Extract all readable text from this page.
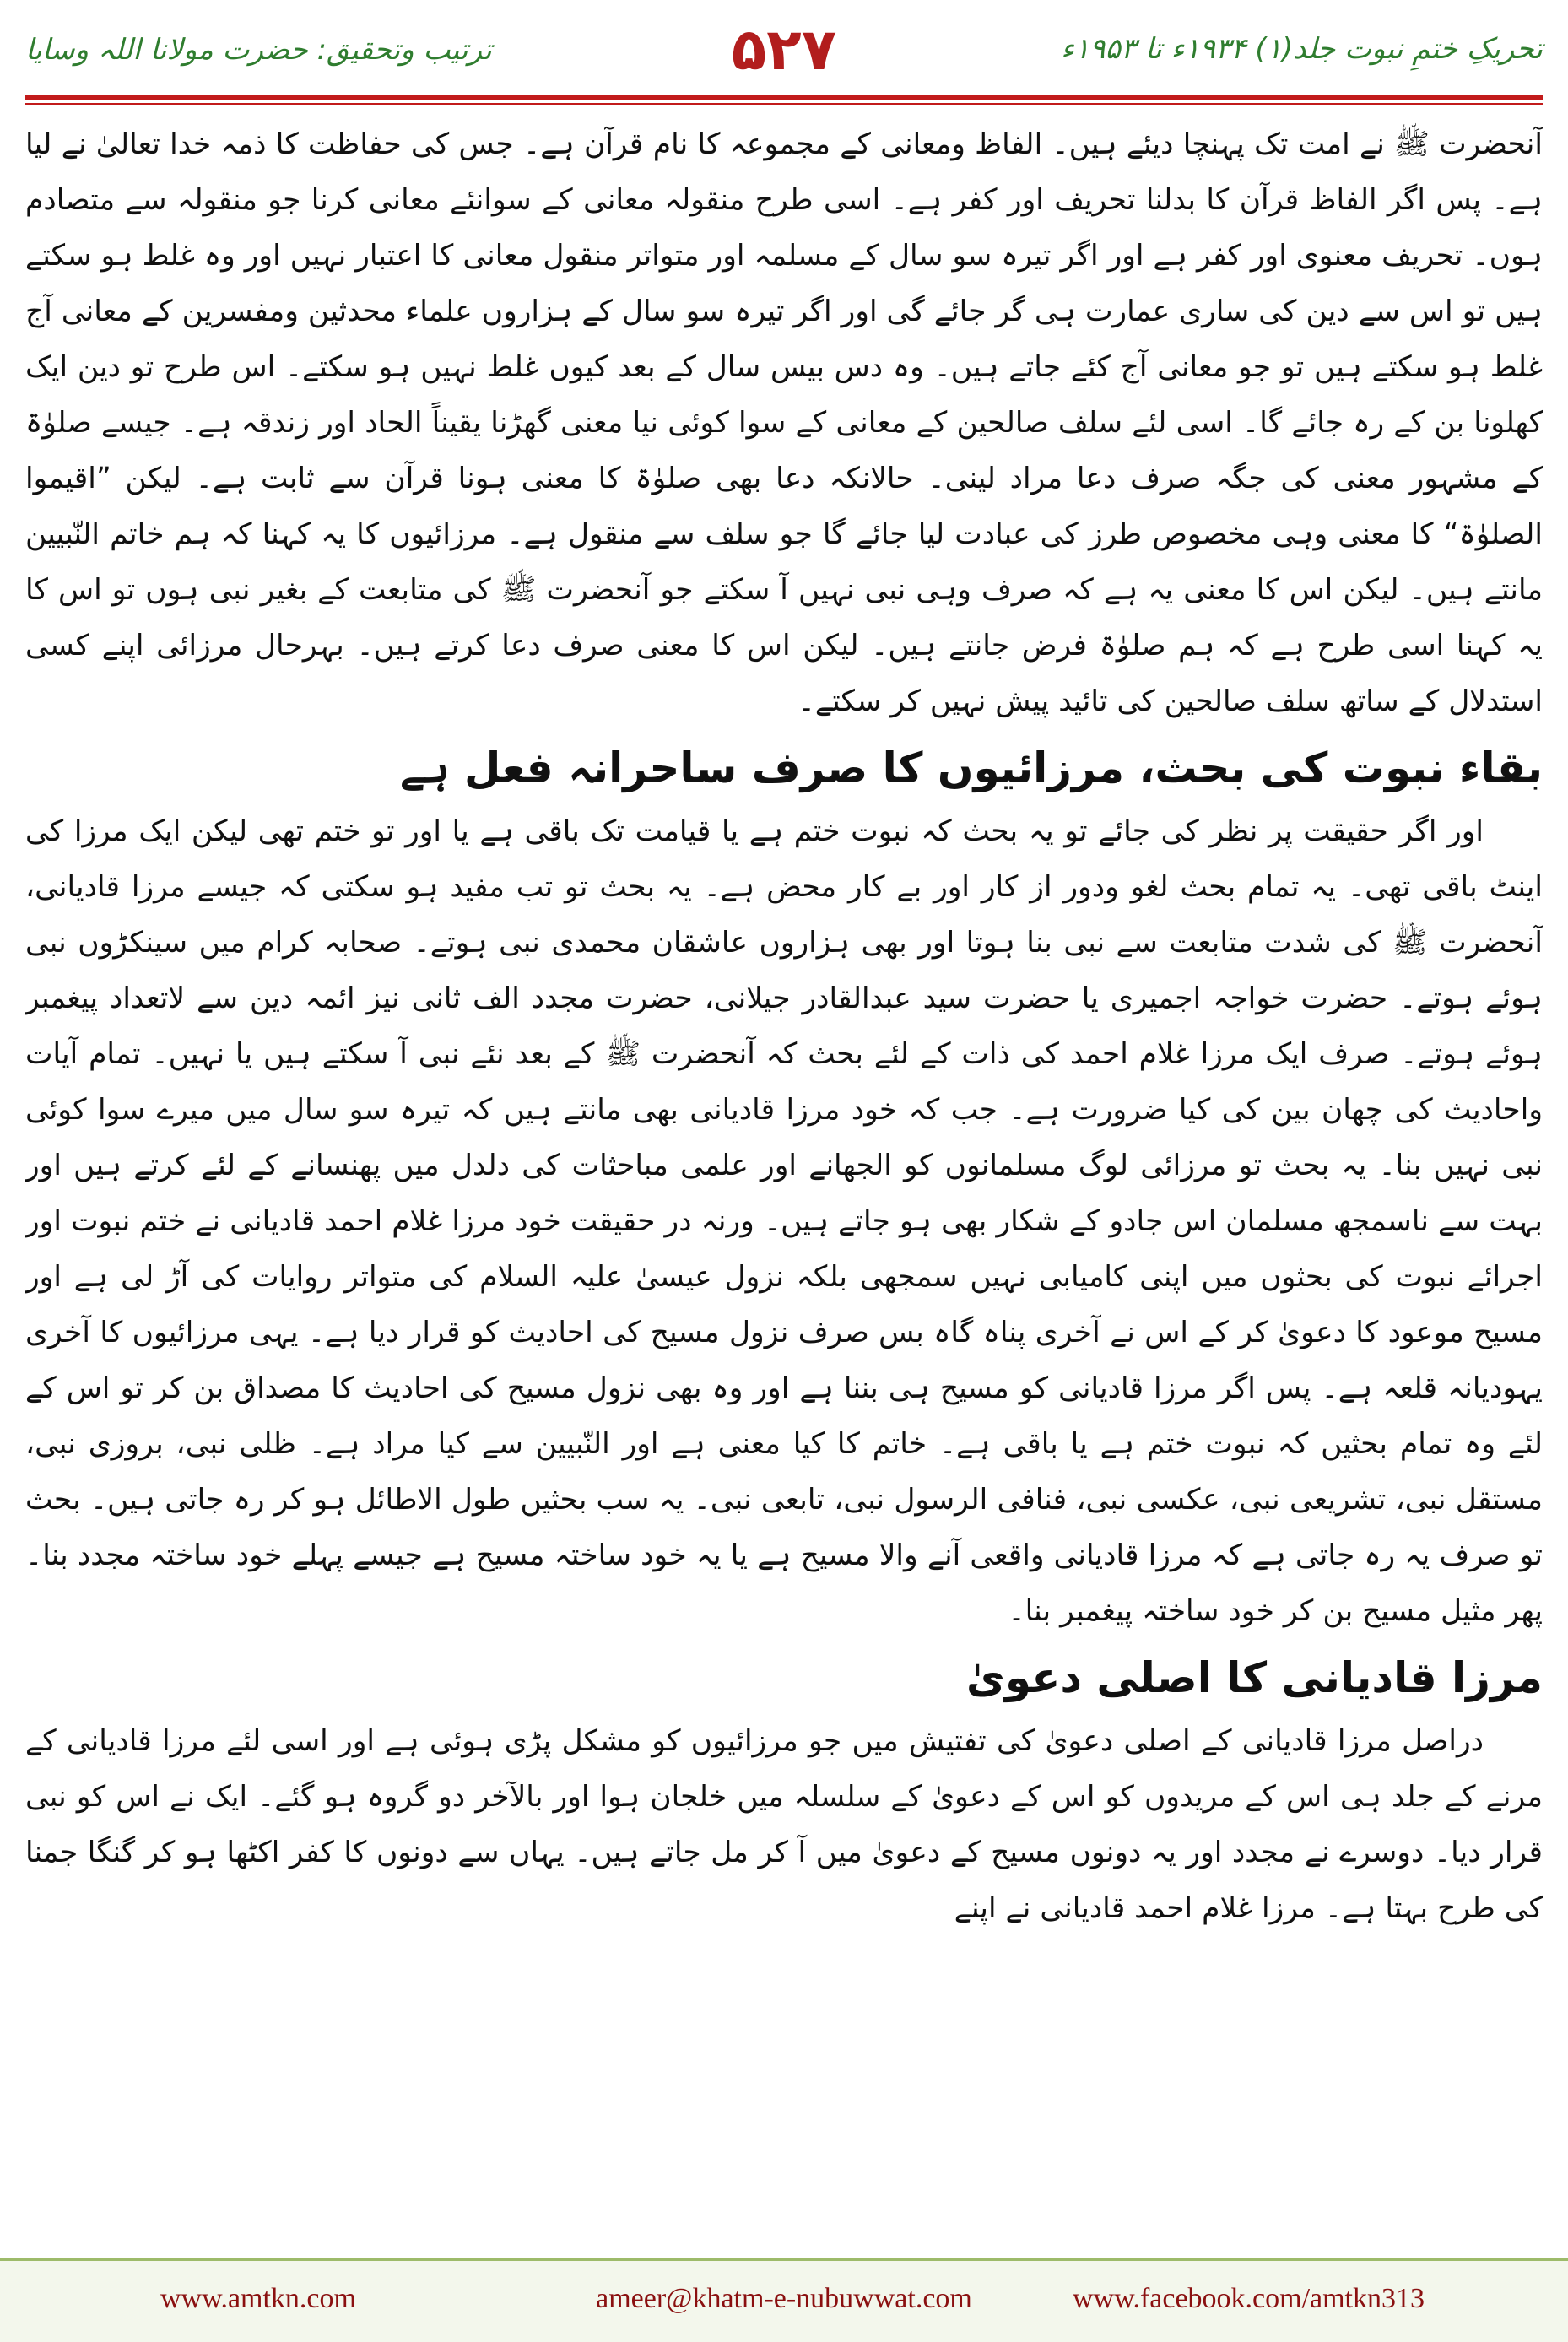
تحریکِ ختمِ نبوت جلد(۱) ۱۹۳۴ء تا ۱۹۵۳ء
۵۲۷
ترتیب وتحقیق: حضرت مولانا اللہ وسایا

آنحضرت ﷺ نے امت تک پہنچا دیئے ہیں۔ الفاظ ومعانی کے مجموعہ کا نام قرآن ہے۔ جس کی حفاظت کا ذمہ خدا تعالیٰ نے لیا ہے۔ پس اگر الفاظ قرآن کا بدلنا تحریف اور کفر ہے۔ اسی طرح منقولہ معانی کے سوانئے معانی کرنا جو منقولہ سے متصادم ہوں۔ تحریف معنوی اور کفر ہے اور اگر تیرہ سو سال کے مسلمہ اور متواتر منقول معانی کا اعتبار نہیں اور وہ غلط ہو سکتے ہیں تو اس سے دین کی ساری عمارت ہی گر جائے گی اور اگر تیرہ سو سال کے ہزاروں علماء محدثین ومفسرین کے معانی آج غلط ہو سکتے ہیں تو جو معانی آج کئے جاتے ہیں۔ وہ دس بیس سال کے بعد کیوں غلط نہیں ہو سکتے۔ اس طرح تو دین ایک کھلونا بن کے رہ جائے گا۔ اسی لئے سلف صالحین کے معانی کے سوا کوئی نیا معنی گھڑنا یقیناً الحاد اور زندقہ ہے۔ جیسے صلوٰۃ کے مشہور معنی کی جگہ صرف دعا مراد لینی۔ حالانکہ دعا بھی صلوٰۃ کا معنی ہونا قرآن سے ثابت ہے۔ لیکن ”اقیموا الصلوٰۃ“ کا معنی وہی مخصوص طرز کی عبادت لیا جائے گا جو سلف سے منقول ہے۔ مرزائیوں کا یہ کہنا کہ ہم خاتم النّبیین مانتے ہیں۔ لیکن اس کا معنی یہ ہے کہ صرف وہی نبی نہیں آ سکتے جو آنحضرت ﷺ کی متابعت کے بغیر نبی ہوں تو اس کا یہ کہنا اسی طرح ہے کہ ہم صلوٰۃ فرض جانتے ہیں۔ لیکن اس کا معنی صرف دعا کرتے ہیں۔ بہرحال مرزائی اپنے کسی استدلال کے ساتھ سلف صالحین کی تائید پیش نہیں کر سکتے۔

بقاء نبوت کی بحث، مرزائیوں کا صرف ساحرانہ فعل ہے

اور اگر حقیقت پر نظر کی جائے تو یہ بحث کہ نبوت ختم ہے یا قیامت تک باقی ہے یا اور تو ختم تھی لیکن ایک مرزا کی اینٹ باقی تھی۔ یہ تمام بحث لغو ودور از کار اور بے کار محض ہے۔ یہ بحث تو تب مفید ہو سکتی کہ جیسے مرزا قادیانی، آنحضرت ﷺ کی شدت متابعت سے نبی بنا ہوتا اور بھی ہزاروں عاشقان محمدی نبی ہوتے۔ صحابہ کرام میں سینکڑوں نبی ہوئے ہوتے۔ حضرت خواجہ اجمیری یا حضرت سید عبدالقادر جیلانی، حضرت مجدد الف ثانی نیز ائمہ دین سے لاتعداد پیغمبر ہوئے ہوتے۔ صرف ایک مرزا غلام احمد کی ذات کے لئے بحث کہ آنحضرت ﷺ کے بعد نئے نبی آ سکتے ہیں یا نہیں۔ تمام آیات واحادیث کی چھان بین کی کیا ضرورت ہے۔ جب کہ خود مرزا قادیانی بھی مانتے ہیں کہ تیرہ سو سال میں میرے سوا کوئی نبی نہیں بنا۔ یہ بحث تو مرزائی لوگ مسلمانوں کو الجھانے اور علمی مباحثات کی دلدل میں پھنسانے کے لئے کرتے ہیں اور بہت سے ناسمجھ مسلمان اس جادو کے شکار بھی ہو جاتے ہیں۔ ورنہ در حقیقت خود مرزا غلام احمد قادیانی نے ختم نبوت اور اجرائے نبوت کی بحثوں میں اپنی کامیابی نہیں سمجھی بلکہ نزول عیسیٰ علیہ السلام کی متواتر روایات کی آڑ لی ہے اور مسیح موعود کا دعویٰ کر کے اس نے آخری پناہ گاہ بس صرف نزول مسیح کی احادیث کو قرار دیا ہے۔ یہی مرزائیوں کا آخری یہودیانہ قلعہ ہے۔ پس اگر مرزا قادیانی کو مسیح ہی بننا ہے اور وہ بھی نزول مسیح کی احادیث کا مصداق بن کر تو اس کے لئے وہ تمام بحثیں کہ نبوت ختم ہے یا باقی ہے۔ خاتم کا کیا معنی ہے اور النّبیین سے کیا مراد ہے۔ ظلی نبی، بروزی نبی، مستقل نبی، تشریعی نبی، عکسی نبی، فنافی الرسول نبی، تابعی نبی۔ یہ سب بحثیں طول الاطائل ہو کر رہ جاتی ہیں۔ بحث تو صرف یہ رہ جاتی ہے کہ مرزا قادیانی واقعی آنے والا مسیح ہے یا یہ خود ساختہ مسیح ہے جیسے پہلے خود ساختہ مجدد بنا۔ پھر مثیل مسیح بن کر خود ساختہ پیغمبر بنا۔

مرزا قادیانی کا اصلی دعویٰ

دراصل مرزا قادیانی کے اصلی دعویٰ کی تفتیش میں جو مرزائیوں کو مشکل پڑی ہوئی ہے اور اسی لئے مرزا قادیانی کے مرنے کے جلد ہی اس کے مریدوں کو اس کے دعویٰ کے سلسلہ میں خلجان ہوا اور بالآخر دو گروہ ہو گئے۔ ایک نے اس کو نبی قرار دیا۔ دوسرے نے مجدد اور یہ دونوں مسیح کے دعویٰ میں آ کر مل جاتے ہیں۔ یہاں سے دونوں کا کفر اکٹھا ہو کر گنگا جمنا کی طرح بہتا ہے۔ مرزا غلام احمد قادیانی نے اپنے

www.amtkn.com	ameer@khatm-e-nubuwwat.com	www.facebook.com/amtkn313
